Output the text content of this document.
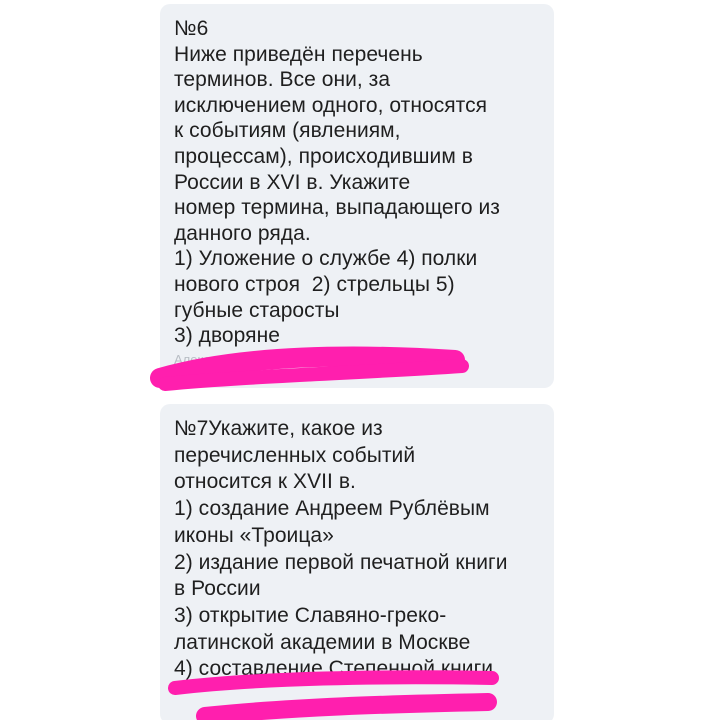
№6
Ниже приведён перечень
терминов. Все они, за
исключением одного, относятся
к событиям (явлениям,
процессам), происходившим в
России в XVI в. Укажите
номер термина, выпадающего из
данного ряда.
1) Уложение о службе 4) полки
нового строя  2) стрельцы 5)
губные старосты
3) дворяне

Алексе

№7Укажите, какое из
перечисленных событий
относится к XVII в.
1) создание Андреем Рублёвым
иконы «Троица»
2) издание первой печатной книги
в России
3) открытие Славяно-греко-
латинской академии в Москве
4) составление Степенной книги
